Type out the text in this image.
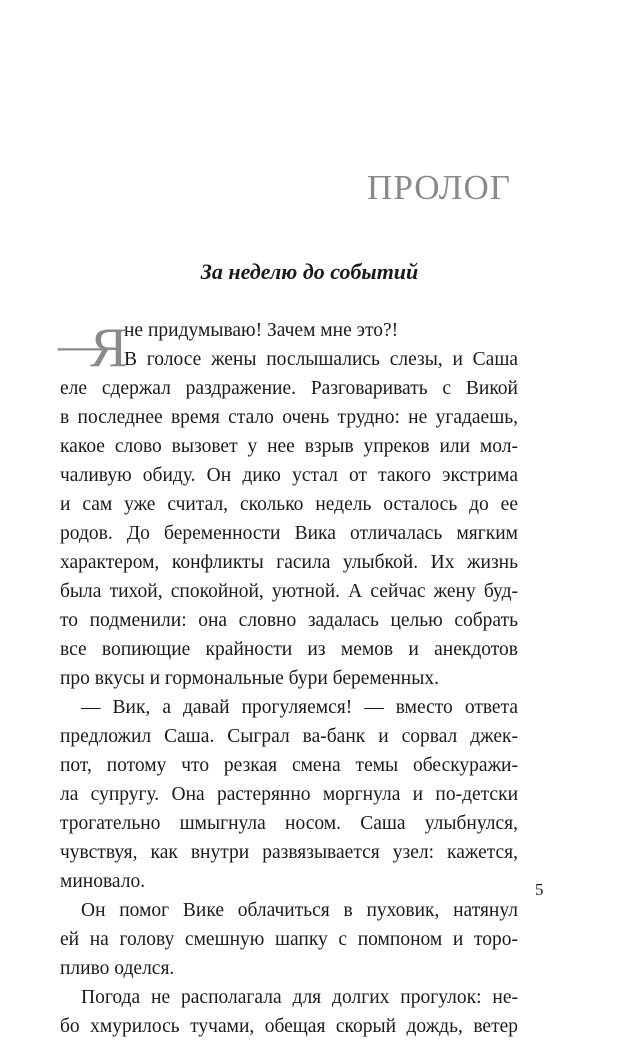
ПРОЛОГ
За неделю до событий
—
Я
не придумываю! Зачем мне это?!
В голосе жены послышались слезы, и Саша
еле сдержал раздражение. Разговаривать с Викой
в последнее время стало очень трудно: не угадаешь,
какое слово вызовет у нее взрыв упреков или мол-
чаливую обиду. Он дико устал от такого экстрима
и сам уже считал, сколько недель осталось до ее
родов. До беременности Вика отличалась мягким
характером, конфликты гасила улыбкой. Их жизнь
была тихой, спокойной, уютной. А сейчас жену буд-
то подменили: она словно задалась целью собрать
все вопиющие крайности из мемов и анекдотов
про вкусы и гормональные бури беременных.
— Вик, а давай прогуляемся! — вместо ответа
предложил Саша. Сыграл ва-банк и сорвал джек-
пот, потому что резкая смена темы обескуражи-
ла супругу. Она растерянно моргнула и по-детски
трогательно шмыгнула носом. Саша улыбнулся,
чувствуя, как внутри развязывается узел: кажется,
миновало.
Он помог Вике облачиться в пуховик, натянул
ей на голову смешную шапку с помпоном и торо-
пливо оделся.
Погода не располагала для долгих прогулок: не-
бо хмурилось тучами, обещая скорый дождь, ветер
5
